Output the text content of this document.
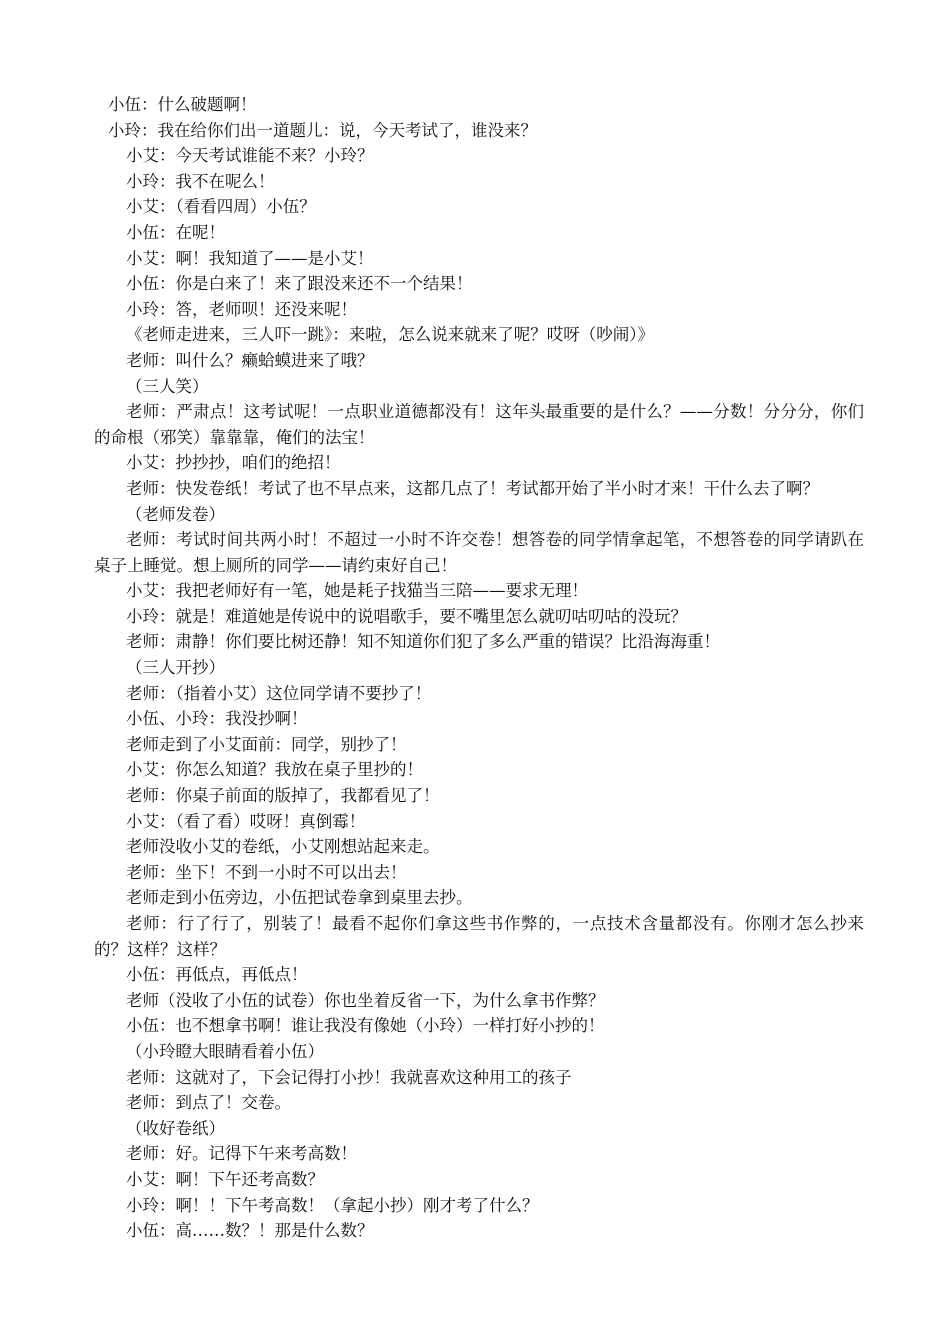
小伍：什么破题啊！

小玲：我在给你们出一道题儿：说，今天考试了，谁没来？

小艾：今天考试谁能不来？小玲？

小玲：我不在呢么！

小艾：（看看四周）小伍？

小伍：在呢！

小艾：啊！我知道了——是小艾！

小伍：你是白来了！来了跟没来还不一个结果！

小玲：答，老师呗！还没来呢！

《老师走进来，三人吓一跳》：来啦，怎么说来就来了呢？哎呀（吵闹）》

老师：叫什么？癞蛤蟆进来了哦？

（三人笑）

老师：严肃点！这考试呢！一点职业道德都没有！这年头最重要的是什么？——分数！分分分，你们的命根（邪笑）靠靠靠，俺们的法宝！

小艾：抄抄抄，咱们的绝招！

老师：快发卷纸！考试了也不早点来，这都几点了！考试都开始了半小时才来！干什么去了啊？

（老师发卷）

老师：考试时间共两小时！不超过一小时不许交卷！想答卷的同学情拿起笔，不想答卷的同学请趴在桌子上睡觉。想上厕所的同学——请约束好自己！

小艾：我把老师好有一笔，她是耗子找猫当三陪——要求无理！

小玲：就是！难道她是传说中的说唱歌手，要不嘴里怎么就叨咕叨咕的没玩？

老师：肃静！你们要比树还静！知不知道你们犯了多么严重的错误？比沿海海重！

（三人开抄）

老师：（指着小艾）这位同学请不要抄了！

小伍、小玲：我没抄啊！

老师走到了小艾面前：同学，别抄了！

小艾：你怎么知道？我放在桌子里抄的！

老师：你桌子前面的版掉了，我都看见了！

小艾：（看了看）哎呀！真倒霉！

老师没收小艾的卷纸，小艾刚想站起来走。

老师：坐下！不到一小时不可以出去！

老师走到小伍旁边，小伍把试卷拿到桌里去抄。

老师：行了行了，别装了！最看不起你们拿这些书作弊的，一点技术含量都没有。你刚才怎么抄来的？这样？这样？

小伍：再低点，再低点！

老师（没收了小伍的试卷）你也坐着反省一下，为什么拿书作弊？

小伍：也不想拿书啊！谁让我没有像她（小玲）一样打好小抄的！

（小玲瞪大眼睛看着小伍）

老师：这就对了，下会记得打小抄！我就喜欢这种用工的孩子

老师：到点了！交卷。

（收好卷纸）

老师：好。记得下午来考高数！

小艾：啊！下午还考高数？

小玲：啊！！下午考高数！（拿起小抄）刚才考了什么？

小伍：高……数？！那是什么数？
